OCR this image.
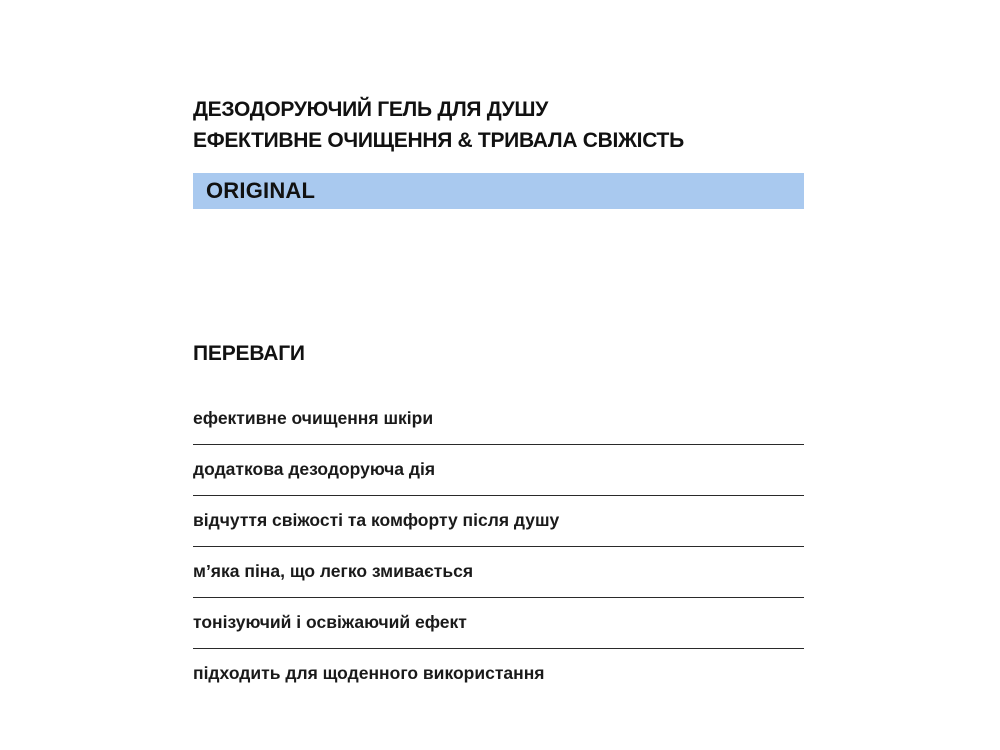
ДЕЗОДОРУЮЧИЙ ГЕЛЬ ДЛЯ ДУШУ
ЕФЕКТИВНЕ ОЧИЩЕННЯ & ТРИВАЛА СВІЖІСТЬ
ORIGINAL
ПЕРЕВАГИ
ефективне очищення шкіри
додаткова дезодоруюча дія
відчуття свіжості та комфорту після душу
м’яка піна, що легко змивається
тонізуючий і освіжаючий ефект
підходить для щоденного використання
